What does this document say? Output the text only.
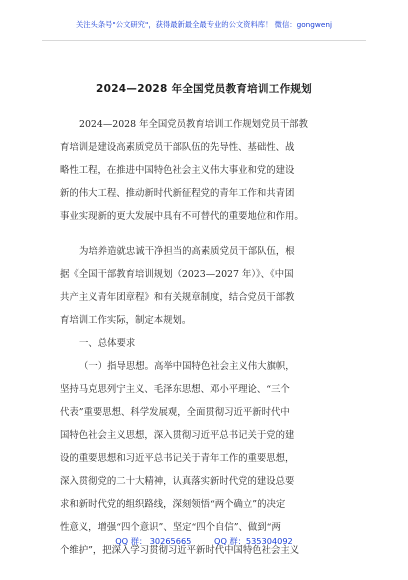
关注头条号"公文研究"，获得最新最全最专业的公文资料库！ 微信：gongwenj
2024—2028 年全国党员教育培训工作规划
2024—2028 年全国党员教育培训工作规划党员干部教
育培训是建设高素质党员干部队伍的先导性、基础性、战
略性工程，在推进中国特色社会主义伟大事业和党的建设
新的伟大工程、推动新时代新征程党的青年工作和共青团
事业实现新的更大发展中具有不可替代的重要地位和作用。
为培养造就忠诚干净担当的高素质党员干部队伍，根
据《全国干部教育培训规划（2023—2027 年）》、《中国
共产主义青年团章程》和有关规章制度，结合党员干部教
育培训工作实际，制定本规划。
一、总体要求
（一）指导思想。高举中国特色社会主义伟大旗帜，
坚持马克思列宁主义、毛泽东思想、邓小平理论、“三个
代表”重要思想、科学发展观，全面贯彻习近平新时代中
国特色社会主义思想，深入贯彻习近平总书记关于党的建
设的重要思想和习近平总书记关于青年工作的重要思想，
深入贯彻党的二十大精神，认真落实新时代党的建设总要
求和新时代党的组织路线，深刻领悟“两个确立”的决定
性意义，增强“四个意识”、坚定“四个自信”、做到“两
个维护”，把深入学习贯彻习近平新时代中国特色社会主义
QQ 群： 30265665	QQ 群：535304092
